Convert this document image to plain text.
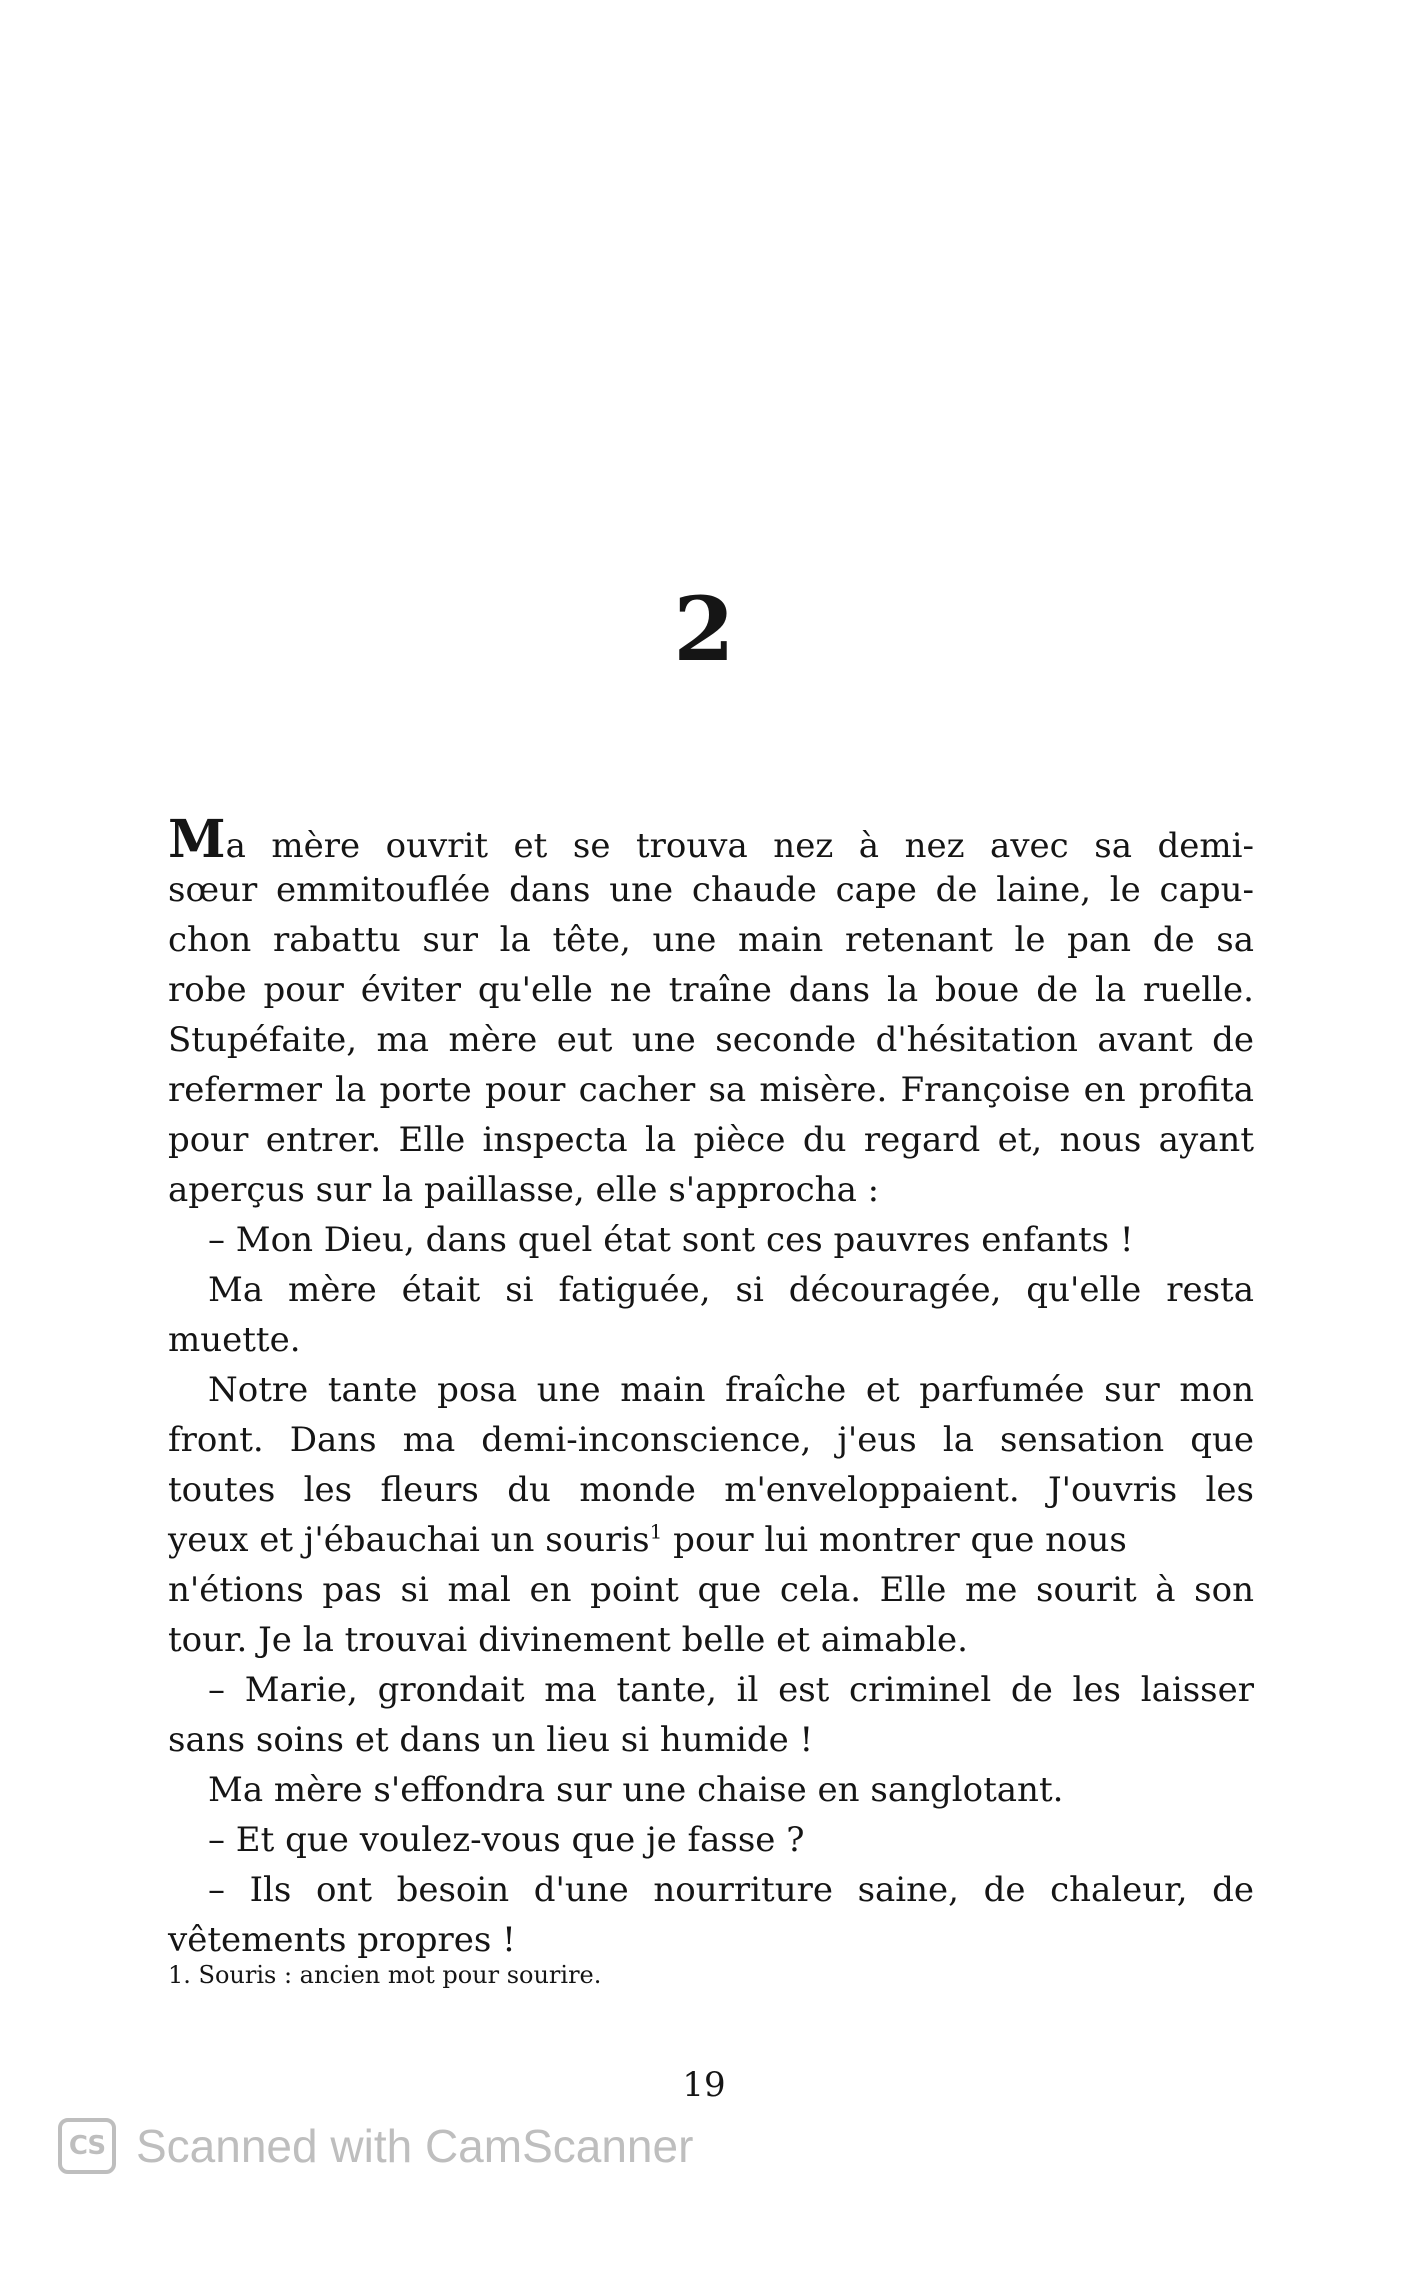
2
Ma mère ouvrit et se trouva nez à nez avec sa demi-
sœur emmitouflée dans une chaude cape de laine, le capu-
chon rabattu sur la tête, une main retenant le pan de sa
robe pour éviter qu'elle ne traîne dans la boue de la ruelle.
Stupéfaite, ma mère eut une seconde d'hésitation avant de
refermer la porte pour cacher sa misère. Françoise en profita
pour entrer. Elle inspecta la pièce du regard et, nous ayant
aperçus sur la paillasse, elle s'approcha :
– Mon Dieu, dans quel état sont ces pauvres enfants !
Ma mère était si fatiguée, si découragée, qu'elle resta
muette.
Notre tante posa une main fraîche et parfumée sur mon
front. Dans ma demi-inconscience, j'eus la sensation que
toutes les fleurs du monde m'enveloppaient. J'ouvris les
yeux et j'ébauchai un souris$^1$ pour lui montrer que nous
n'étions pas si mal en point que cela. Elle me sourit à son
tour. Je la trouvai divinement belle et aimable.
– Marie, grondait ma tante, il est criminel de les laisser
sans soins et dans un lieu si humide !
Ma mère s'effondra sur une chaise en sanglotant.
– Et que voulez-vous que je fasse ?
– Ils ont besoin d'une nourriture saine, de chaleur, de
vêtements propres !
1. Souris : ancien mot pour sourire.
19
CS Scanned with CamScanner
